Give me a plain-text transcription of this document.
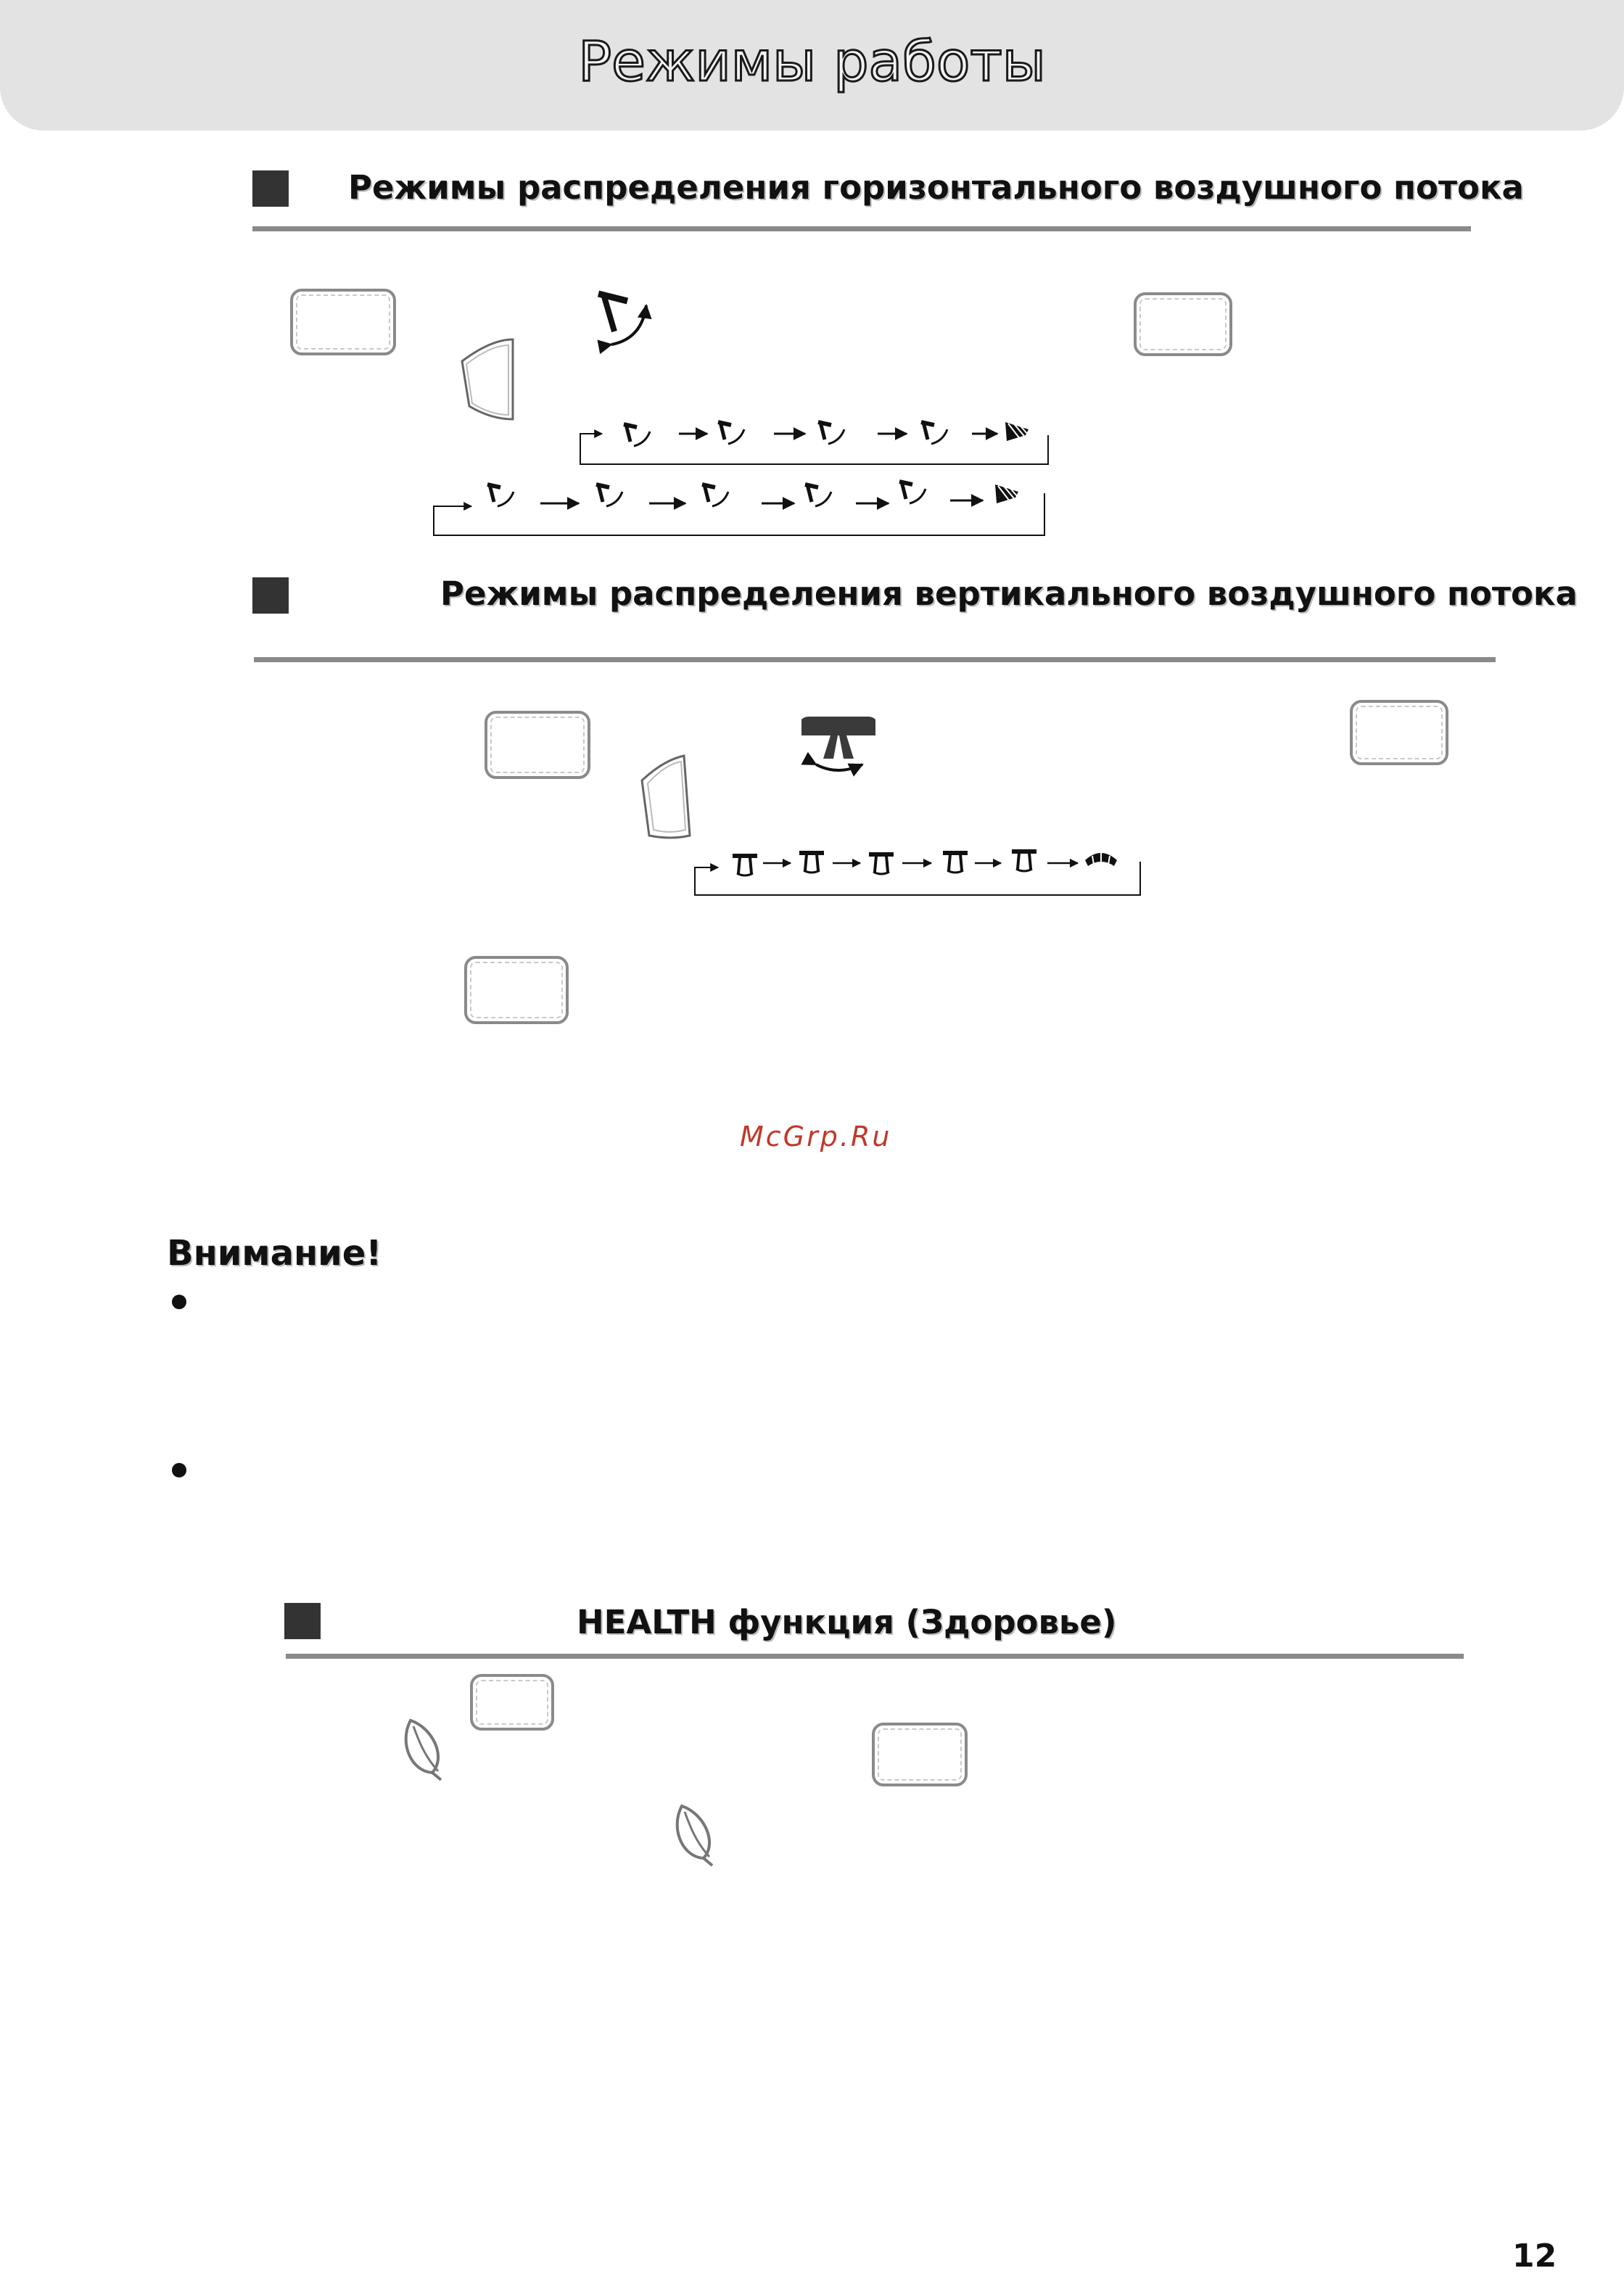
Режимы работы
Режимы распределения горизонтального воздушного потока
Режимы распределения вертикального воздушного потока
McGrp.Ru
Внимание!
HEALTH функция (Здоровье)
12
